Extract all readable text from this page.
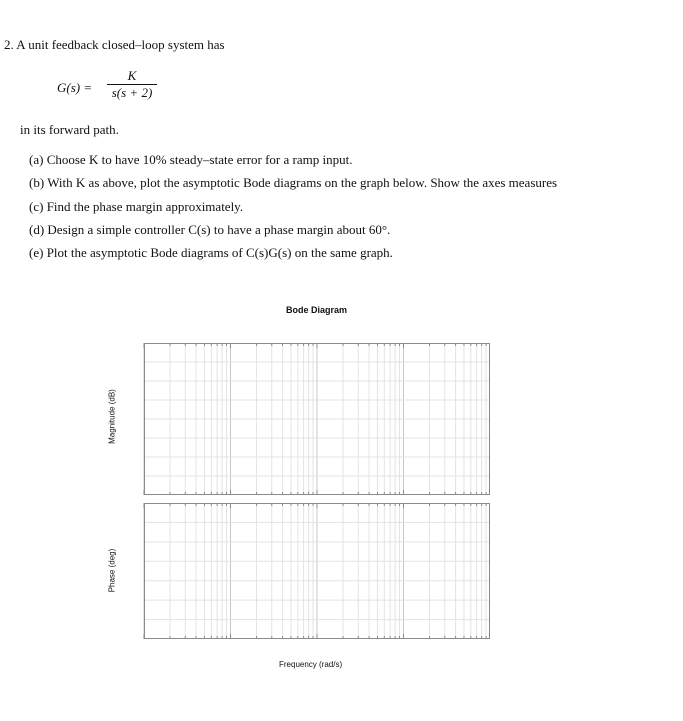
2. A unit feedback closed–loop system has
G(s) =
K
s(s + 2)
in its forward path.
(a) Choose K to have 10% steady–state error for a ramp input.
(b) With K as above, plot the asymptotic Bode diagrams on the graph below. Show the axes measures
(c) Find the phase margin approximately.
(d) Design a simple controller C(s) to have a phase margin about 60°.
(e) Plot the asymptotic Bode diagrams of C(s)G(s) on the same graph.
Bode Diagram
Magnitude (dB)
Phase (deg)
Frequency (rad/s)
